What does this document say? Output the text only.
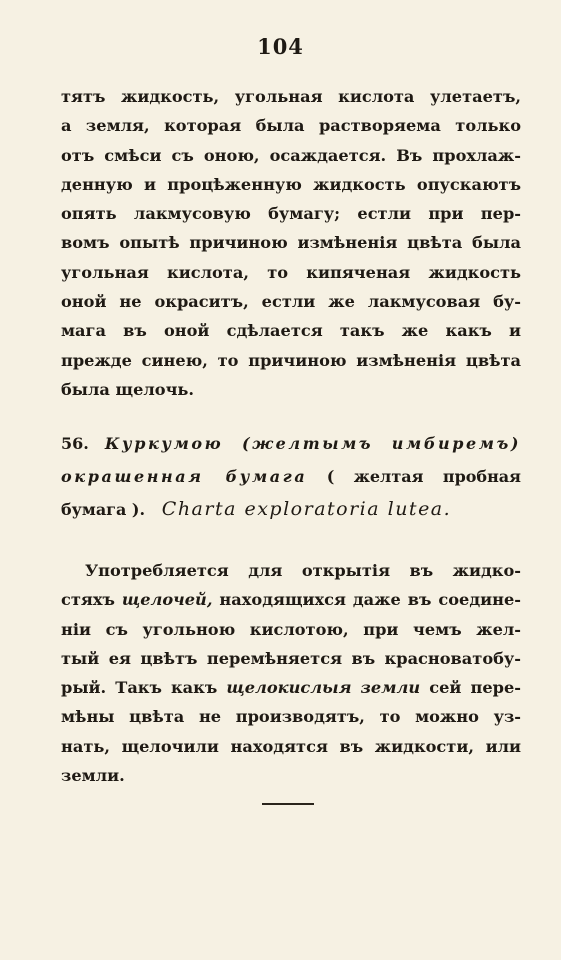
104
тятъ жидкость, угольная кислота улетаетъ,
а земля, которая была растворяема только
отъ смѣси съ оною, осаждается. Въ прохлаж-
денную и процѣженную жидкость опускаютъ
опять лакмусовую бумагу; естли при пер-
вомъ опытѣ причиною измѣненія цвѣта была
угольная кислота, то кипяченая жидкость
оной не окраситъ, естли же лакмусовая бу-
мага въ оной сдѣлается такъ же какъ и
прежде синею, то причиною измѣненія цвѣта
была щелочь.
56. Куркумою (желтымъ имбиремъ)
окрашенная бумага ( желтая пробная
бумага ). Charta exploratoria lutea.
Употребляется для открытія въ жидко-
стяхъ щелочей, находящихся даже въ соедине-
ніи съ угольною кислотою, при чемъ жел-
тый ея цвѣтъ перемѣняется въ красноватобу-
рый. Такъ какъ щелокислыя земли сей пере-
мѣны цвѣта не производятъ, то можно уз-
нать, щелочили находятся въ жидкости, или
земли.
